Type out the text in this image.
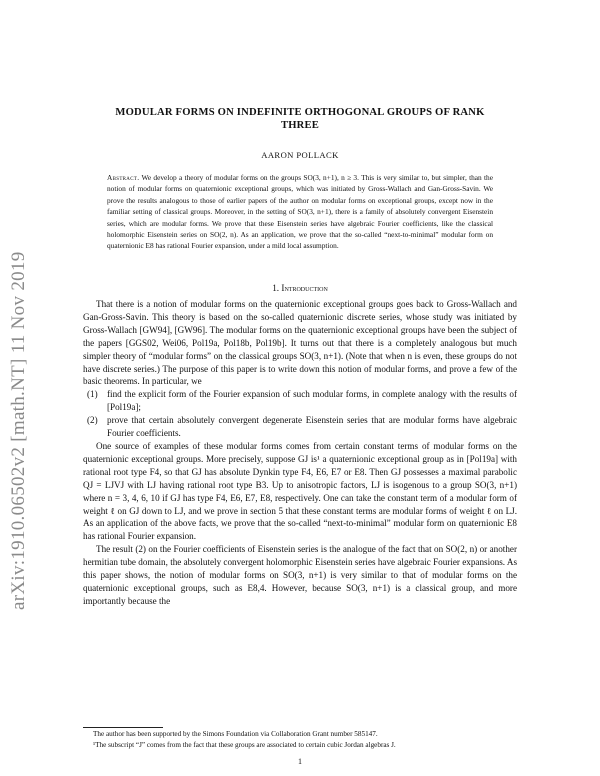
arXiv:1910.06502v2 [math.NT] 11 Nov 2019
MODULAR FORMS ON INDEFINITE ORTHOGONAL GROUPS OF RANK
THREE
AARON POLLACK
Abstract. We develop a theory of modular forms on the groups SO(3, n+1), n ≥ 3. This is very similar to, but simpler, than the notion of modular forms on quaternionic exceptional groups, which was initiated by Gross-Wallach and Gan-Gross-Savin. We prove the results analogous to those of earlier papers of the author on modular forms on exceptional groups, except now in the familiar setting of classical groups. Moreover, in the setting of SO(3, n+1), there is a family of absolutely convergent Eisenstein series, which are modular forms. We prove that these Eisenstein series have algebraic Fourier coefficients, like the classical holomorphic Eisenstein series on SO(2, n). As an application, we prove that the so-called “next-to-minimal” modular form on quaternionic E8 has rational Fourier expansion, under a mild local assumption.
1. Introduction

That there is a notion of modular forms on the quaternionic exceptional groups goes back to Gross-Wallach and Gan-Gross-Savin. This theory is based on the so-called quaternionic discrete series, whose study was initiated by Gross-Wallach [GW94], [GW96]. The modular forms on the quaternionic exceptional groups have been the subject of the papers [GGS02, Wei06, Pol19a, Pol18b, Pol19b]. It turns out that there is a completely analogous but much simpler theory of “modular forms” on the classical groups SO(3, n+1). (Note that when n is even, these groups do not have discrete series.) The purpose of this paper is to write down this notion of modular forms, and prove a few of the basic theorems. In particular, we

(1) find the explicit form of the Fourier expansion of such modular forms, in complete analogy with the results of [Pol19a];
(2) prove that certain absolutely convergent degenerate Eisenstein series that are modular forms have algebraic Fourier coefficients.

One source of examples of these modular forms comes from certain constant terms of modular forms on the quaternionic exceptional groups. More precisely, suppose GJ is¹ a quaternionic exceptional group as in [Pol19a] with rational root type F4, so that GJ has absolute Dynkin type F4, E6, E7 or E8. Then GJ possesses a maximal parabolic QJ = LJVJ with LJ having rational root type B3. Up to anisotropic factors, LJ is isogenous to a group SO(3, n+1) where n = 3, 4, 6, 10 if GJ has type F4, E6, E7, E8, respectively. One can take the constant term of a modular form of weight ℓ on GJ down to LJ, and we prove in section 5 that these constant terms are modular forms of weight ℓ on LJ. As an application of the above facts, we prove that the so-called “next-to-minimal” modular form on quaternionic E8 has rational Fourier expansion.

The result (2) on the Fourier coefficients of Eisenstein series is the analogue of the fact that on SO(2, n) or another hermitian tube domain, the absolutely convergent holomorphic Eisenstein series have algebraic Fourier expansions. As this paper shows, the notion of modular forms on SO(3, n+1) is very similar to that of modular forms on the quaternionic exceptional groups, such as E8,4. However, because SO(3, n+1) is a classical group, and more importantly because the

The author has been supported by the Simons Foundation via Collaboration Grant number 585147.

¹The subscript “J” comes from the fact that these groups are associated to certain cubic Jordan algebras J.

1
